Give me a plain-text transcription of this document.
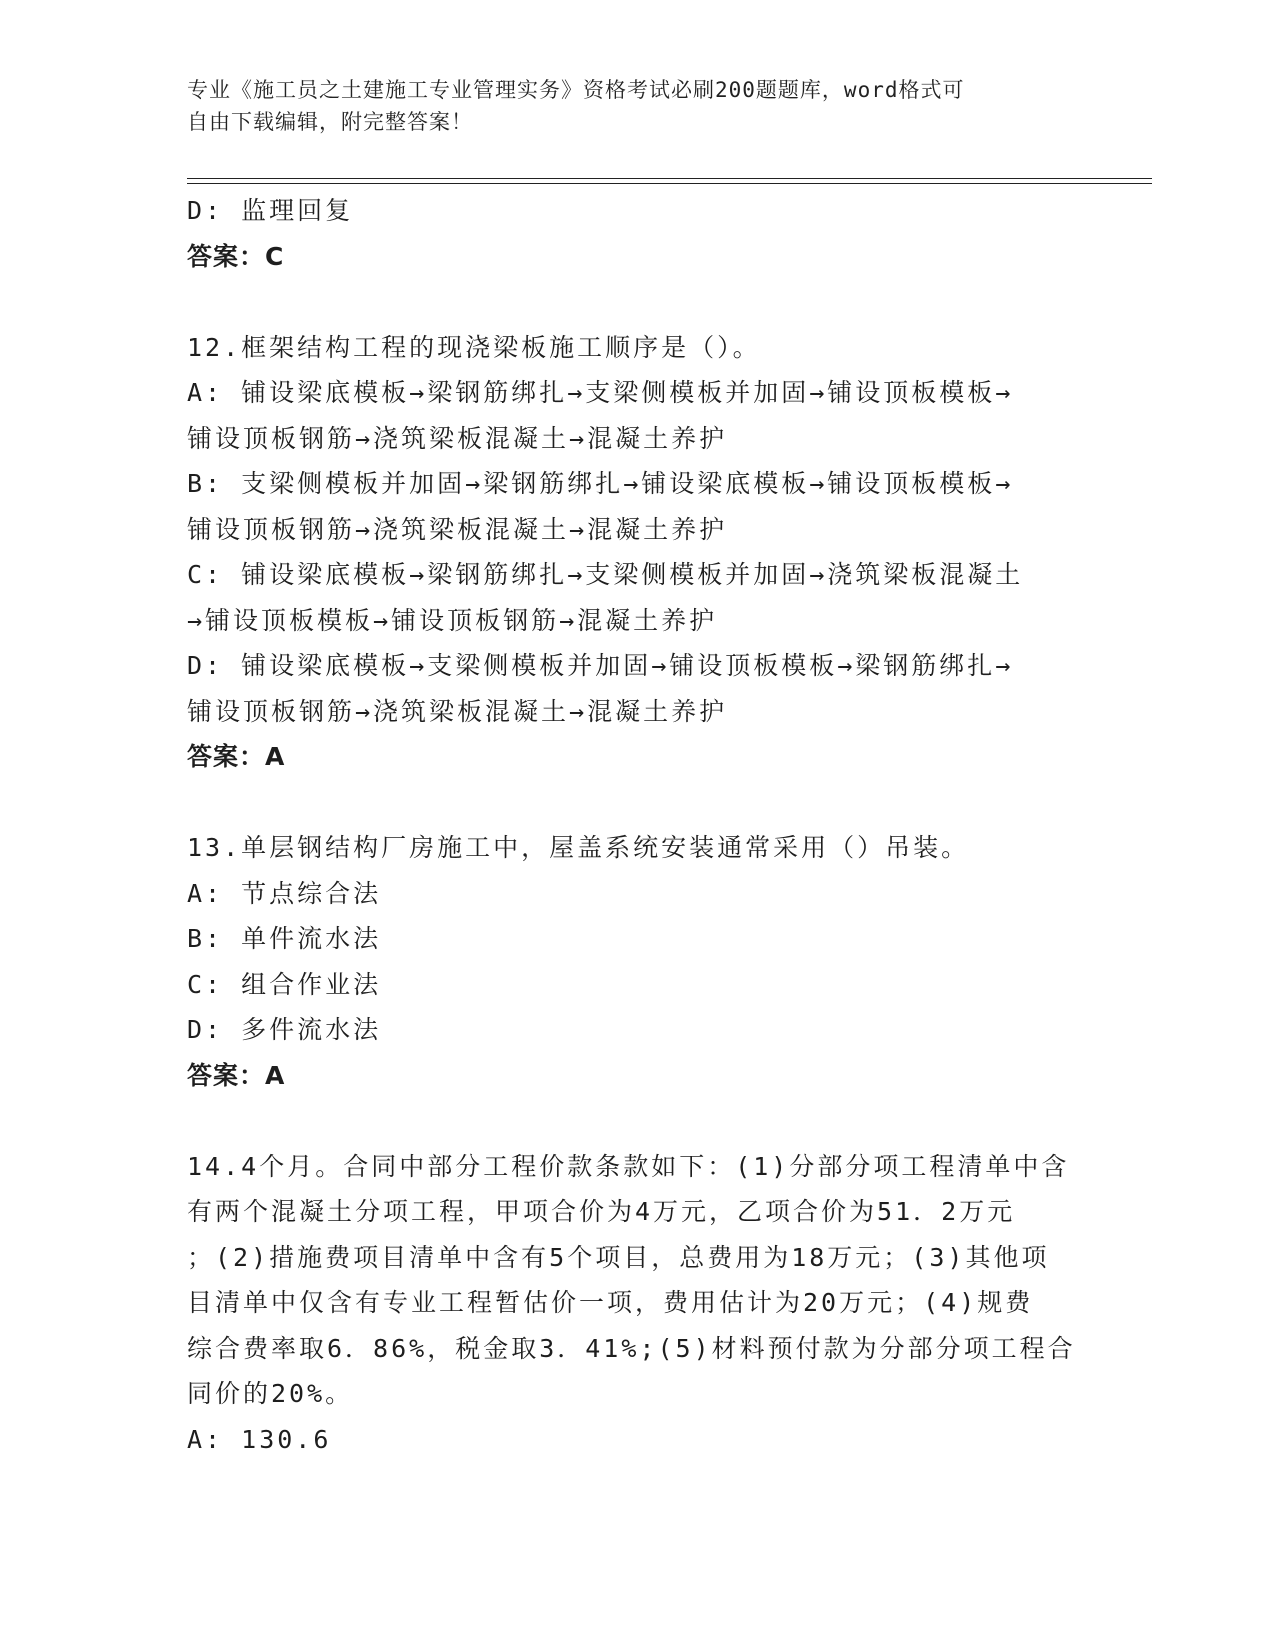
专业《施工员之土建施工专业管理实务》资格考试必刷200题题库，word格式可
自由下载编辑，附完整答案！
D: 监理回复
答案：C
12.框架结构工程的现浇梁板施工顺序是（）。
A: 铺设梁底模板→梁钢筋绑扎→支梁侧模板并加固→铺设顶板模板→
铺设顶板钢筋→浇筑梁板混凝土→混凝土养护
B: 支梁侧模板并加固→梁钢筋绑扎→铺设梁底模板→铺设顶板模板→
铺设顶板钢筋→浇筑梁板混凝土→混凝土养护
C: 铺设梁底模板→梁钢筋绑扎→支梁侧模板并加固→浇筑梁板混凝土
→铺设顶板模板→铺设顶板钢筋→混凝土养护
D: 铺设梁底模板→支梁侧模板并加固→铺设顶板模板→梁钢筋绑扎→
铺设顶板钢筋→浇筑梁板混凝土→混凝土养护
答案：A
13.单层钢结构厂房施工中，屋盖系统安装通常采用（）吊装。
A: 节点综合法
B: 单件流水法
C: 组合作业法
D: 多件流水法
答案：A
14.4个月。合同中部分工程价款条款如下：(1)分部分项工程清单中含
有两个混凝土分项工程，甲项合价为4万元，乙项合价为51．2万元
；(2)措施费项目清单中含有5个项目，总费用为18万元；(3)其他项
目清单中仅含有专业工程暂估价一项，费用估计为20万元；(4)规费
综合费率取6．86%，税金取3．41%;(5)材料预付款为分部分项工程合
同价的20%。
A: 130.6
